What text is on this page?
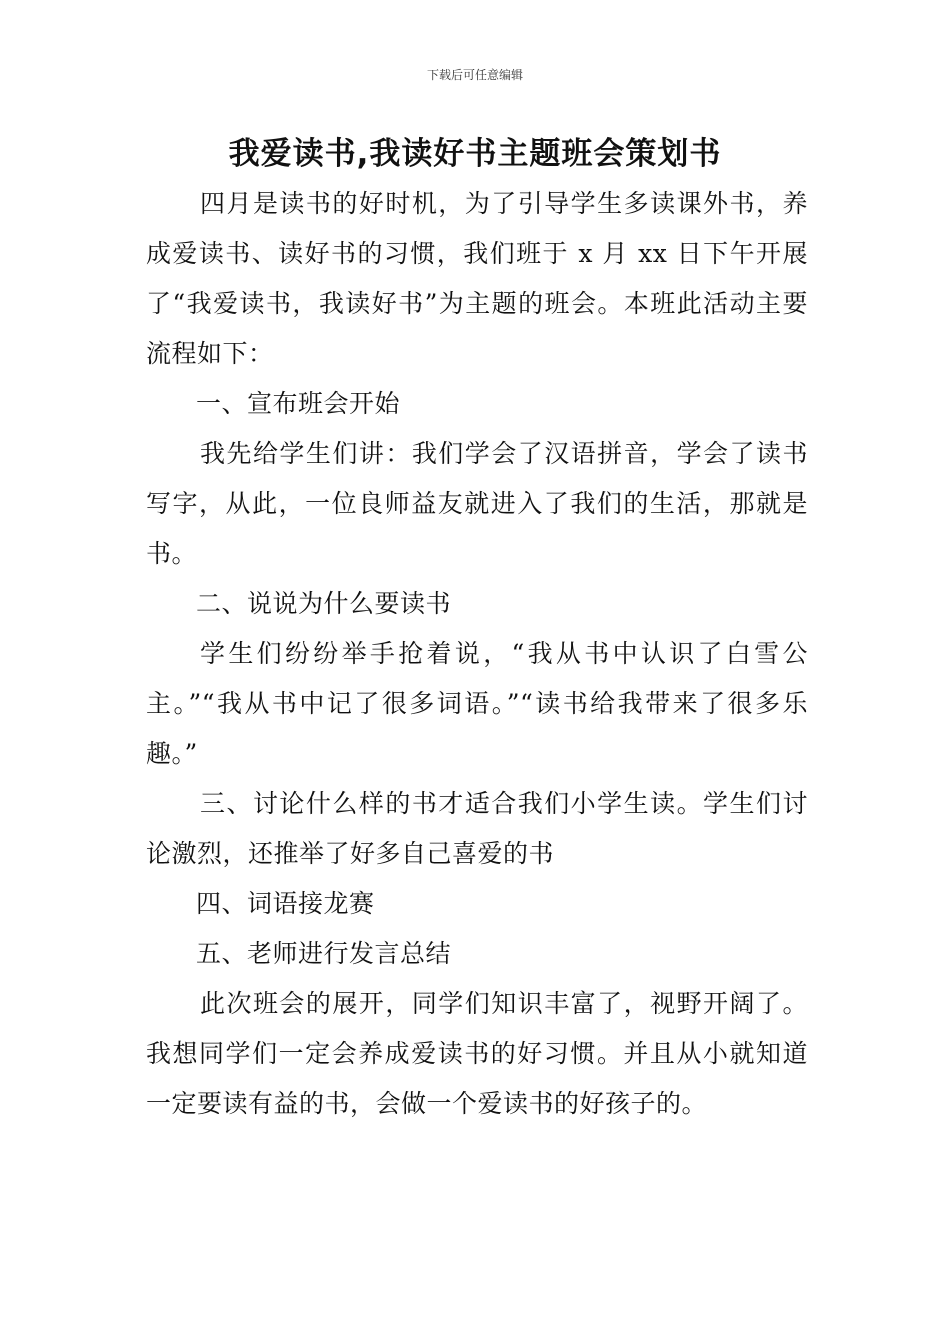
下载后可任意编辑
我爱读书,我读好书主题班会策划书

四月是读书的好时机，为了引导学生多读课外书，养成爱读书、读好书的习惯，我们班于 x 月 xx 日下午开展了“我爱读书，我读好书”为主题的班会。本班此活动主要流程如下：

一、宣布班会开始

我先给学生们讲：我们学会了汉语拼音，学会了读书写字，从此，一位良师益友就进入了我们的生活，那就是书。

二、说说为什么要读书

学生们纷纷举手抢着说，“我从书中认识了白雪公主。”“我从书中记了很多词语。”“读书给我带来了很多乐趣。”

三、讨论什么样的书才适合我们小学生读。学生们讨论激烈，还推举了好多自己喜爱的书

四、词语接龙赛

五、老师进行发言总结

此次班会的展开，同学们知识丰富了，视野开阔了。我想同学们一定会养成爱读书的好习惯。并且从小就知道一定要读有益的书，会做一个爱读书的好孩子的。
